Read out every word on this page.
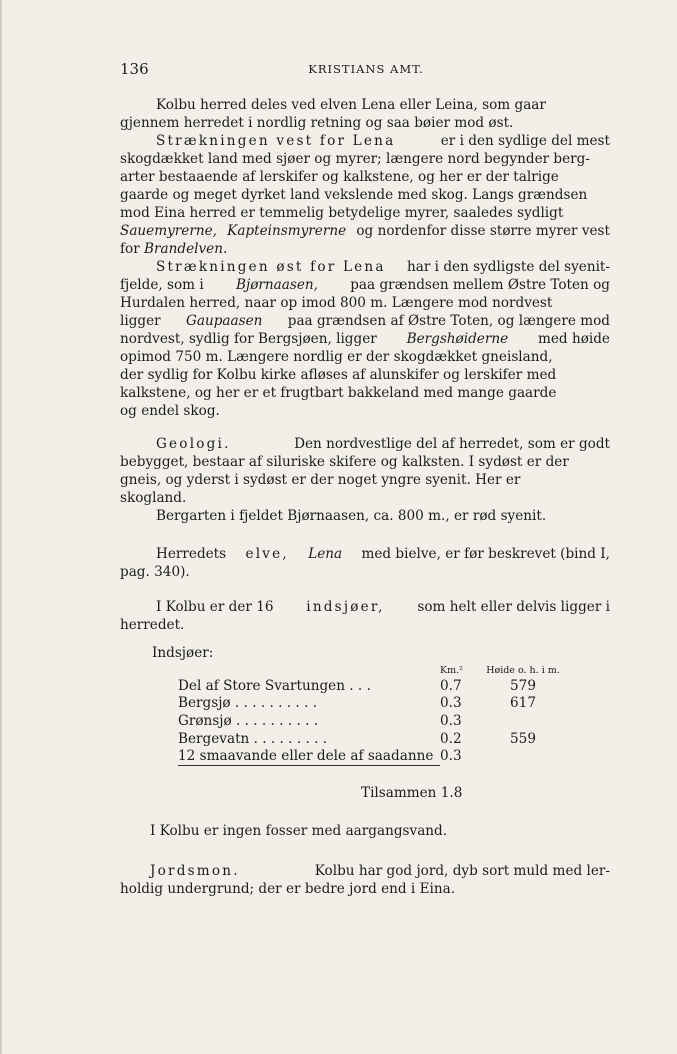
136	KRISTIANS AMT.
Kolbu herred deles ved elven Lena eller Leina, som gaar
gjennem herredet i nordlig retning og saa bøier mod øst.
Strækningen vest for Lena	er i den sydlige del mest
skogdækket land med sjøer og myrer; længere nord begynder berg-
arter bestaaende af lerskifer og kalkstene, og her er der talrige
gaarde og meget dyrket land vekslende med skog. Langs grændsen
mod Eina herred er temmelig betydelige myrer, saaledes sydligt
Sauemyrerne, Kapteinsmyrerne og nordenfor disse større myrer vest
for
Brandelven.
Strækningen øst for Lena har i den sydligste del syenit-
fjelde, som i Bjørnaasen, paa grændsen mellem Østre Toten og
Hurdalen herred, naar op imod 800 m. Længere mod nordvest
ligger Gaupaasen paa grændsen af Østre Toten, og længere mod
nordvest, sydlig for Bergsjøen, ligger Bergshøiderne med høide
opimod 750 m. Længere nordlig er der skogdækket gneisland,
der sydlig for Kolbu kirke afløses af alunskifer og lerskifer med
kalkstene, og her er et frugtbart bakkeland med mange gaarde
og endel skog.
Geologi.	Den nordvestlige del af herredet, som er godt
bebygget, bestaar af siluriske skifere og kalksten. I sydøst er der
gneis, og yderst i sydøst er der noget yngre syenit. Her er
skogland.
Bergarten i fjeldet Bjørnaasen, ca. 800 m., er rød syenit.
Herredets elve, Lena med bielve, er før beskrevet (bind I,
pag. 340).
I Kolbu er der 16 indsjøer, som helt eller delvis ligger i
herredet.
Indsjøer:
	Km.²	Høide o. h. i m.
Del af Store Svartungen . . .	0.7	579
Bergsjø . . . . . . . . . .	0.3	617
Grønsjø . . . . . . . . . .	0.3	
Bergevatn . . . . . . . . .	0.2	559
12 smaavande eller dele af saadanne	0.3	
Tilsammen 1.8
I Kolbu er ingen fosser med aargangsvand.
Jordsmon.	Kolbu har god jord, dyb sort muld med ler-
holdig undergrund; der er bedre jord end i Eina.
